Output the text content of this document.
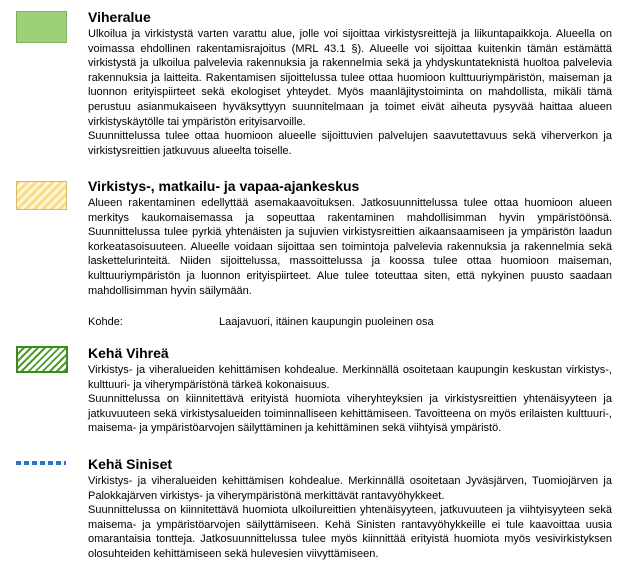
Viheralue

Ulkoilua ja virkistystä varten varattu alue, jolle voi sijoittaa virkistysreittejä ja liikuntapaikkoja. Alueella on voimassa ehdollinen rakentamisrajoitus (MRL 43.1 §). Alueelle voi sijoittaa kuitenkin tämän estämättä virkistystä ja ulkoilua palvelevia rakennuksia ja rakennelmia sekä ja yhdyskuntateknistä huoltoa palvelevia rakennuksia ja laitteita. Rakentamisen sijoittelussa tulee ottaa huomioon kulttuuriympäristön, maiseman ja luonnon erityispiirteet sekä ekologiset yhteydet. Myös maanläjitystoiminta on mahdollista, mikäli tämä perustuu asianmukaiseen hyväksyttyyn suunnitelmaan ja toimet eivät aiheuta pysyvää haittaa alueen virkistyskäytölle tai ympäristön erityisarvoille.

Suunnittelussa tulee ottaa huomioon alueelle sijoittuvien palvelujen saavutettavuus sekä viherverkon ja virkistysreittien jatkuvuus alueelta toiselle.

Virkistys-, matkailu- ja vapaa-ajankeskus

Alueen rakentaminen edellyttää asemakaavoituksen. Jatkosuunnittelussa tulee ottaa huomioon alueen merkitys kaukomaisemassa ja sopeuttaa rakentaminen mahdollisimman hyvin ympäristöönsä. Suunnittelussa tulee pyrkiä yhtenäisten ja sujuvien virkistysreittien aikaansaamiseen ja ympäristön laadun korkeatasoisuuteen. Alueelle voidaan sijoittaa sen toimintoja palvelevia rakennuksia ja rakennelmia sekä laskettelurinteitä. Niiden sijoittelussa, massoittelussa ja koossa tulee ottaa huomioon maiseman, kulttuuriympäristön ja luonnon erityispiirteet. Alue tulee toteuttaa siten, että nykyinen puusto saadaan mahdollisimman hyvin säilymään.

Kohde:	Laajavuori, itäinen kaupungin puoleinen osa
Kehä Vihreä

Virkistys- ja viheralueiden kehittämisen kohdealue. Merkinnällä osoitetaan kaupungin keskustan virkistys-, kulttuuri- ja viherympäristönä tärkeä kokonaisuus.

Suunnittelussa on kiinnitettävä erityistä huomiota viheryhteyksien ja virkistysreittien yhtenäisyyteen ja jatkuvuuteen sekä virkistysalueiden toiminnalliseen kehittämiseen. Tavoitteena on myös erilaisten kulttuuri-, maisema- ja ympäristöarvojen säilyttäminen ja kehittäminen sekä viihtyisä ympäristö.

Kehä Siniset

Virkistys- ja viheralueiden kehittämisen kohdealue. Merkinnällä osoitetaan Jyväsjärven, Tuomiojärven ja Palokkajärven virkistys- ja viherympäristönä merkittävät rantavyöhykkeet.

Suunnittelussa on kiinnitettävä huomiota ulkoilureittien yhtenäisyyteen, jatkuvuuteen ja viihtyisyyteen sekä maisema- ja ympäristöarvojen säilyttämiseen. Kehä Sinisten rantavyöhykkeille ei tule kaavoittaa uusia omarantaisia tontteja. Jatkosuunnittelussa tulee myös kiinnittää erityistä huomiota myös vesivirkistyksen olosuhteiden kehittämiseen sekä hulevesien viivyttämiseen.
